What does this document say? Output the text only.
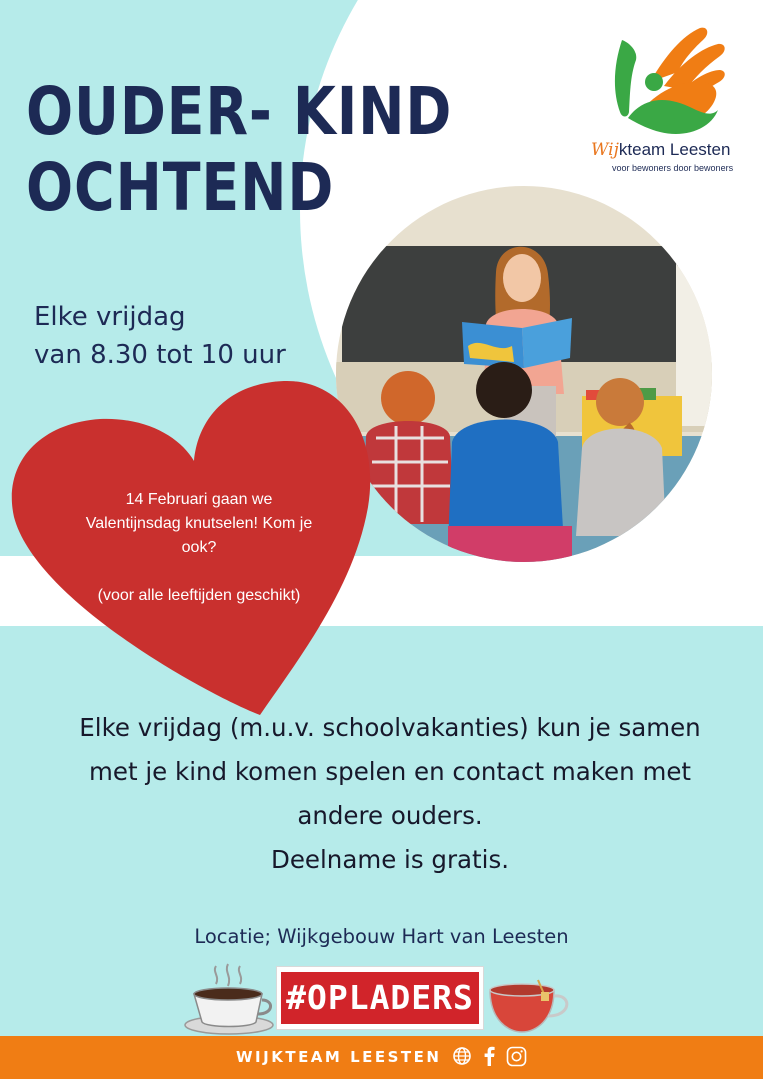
OUDER- KIND
OCHTEND

Elke vrijdag
van 8.30 tot 10 uur

Wijkteam Leesten
voor bewoners door bewoners

14 Februari gaan we Valentijnsdag knutselen! Kom je ook?

(voor alle leeftijden geschikt)

Elke vrijdag (m.u.v. schoolvakanties) kun je samen met je kind komen spelen en contact maken met andere ouders.
Deelname is gratis.

Locatie; Wijkgebouw Hart van Leesten

#OPLADERS

WIJKTEAM LEESTEN
